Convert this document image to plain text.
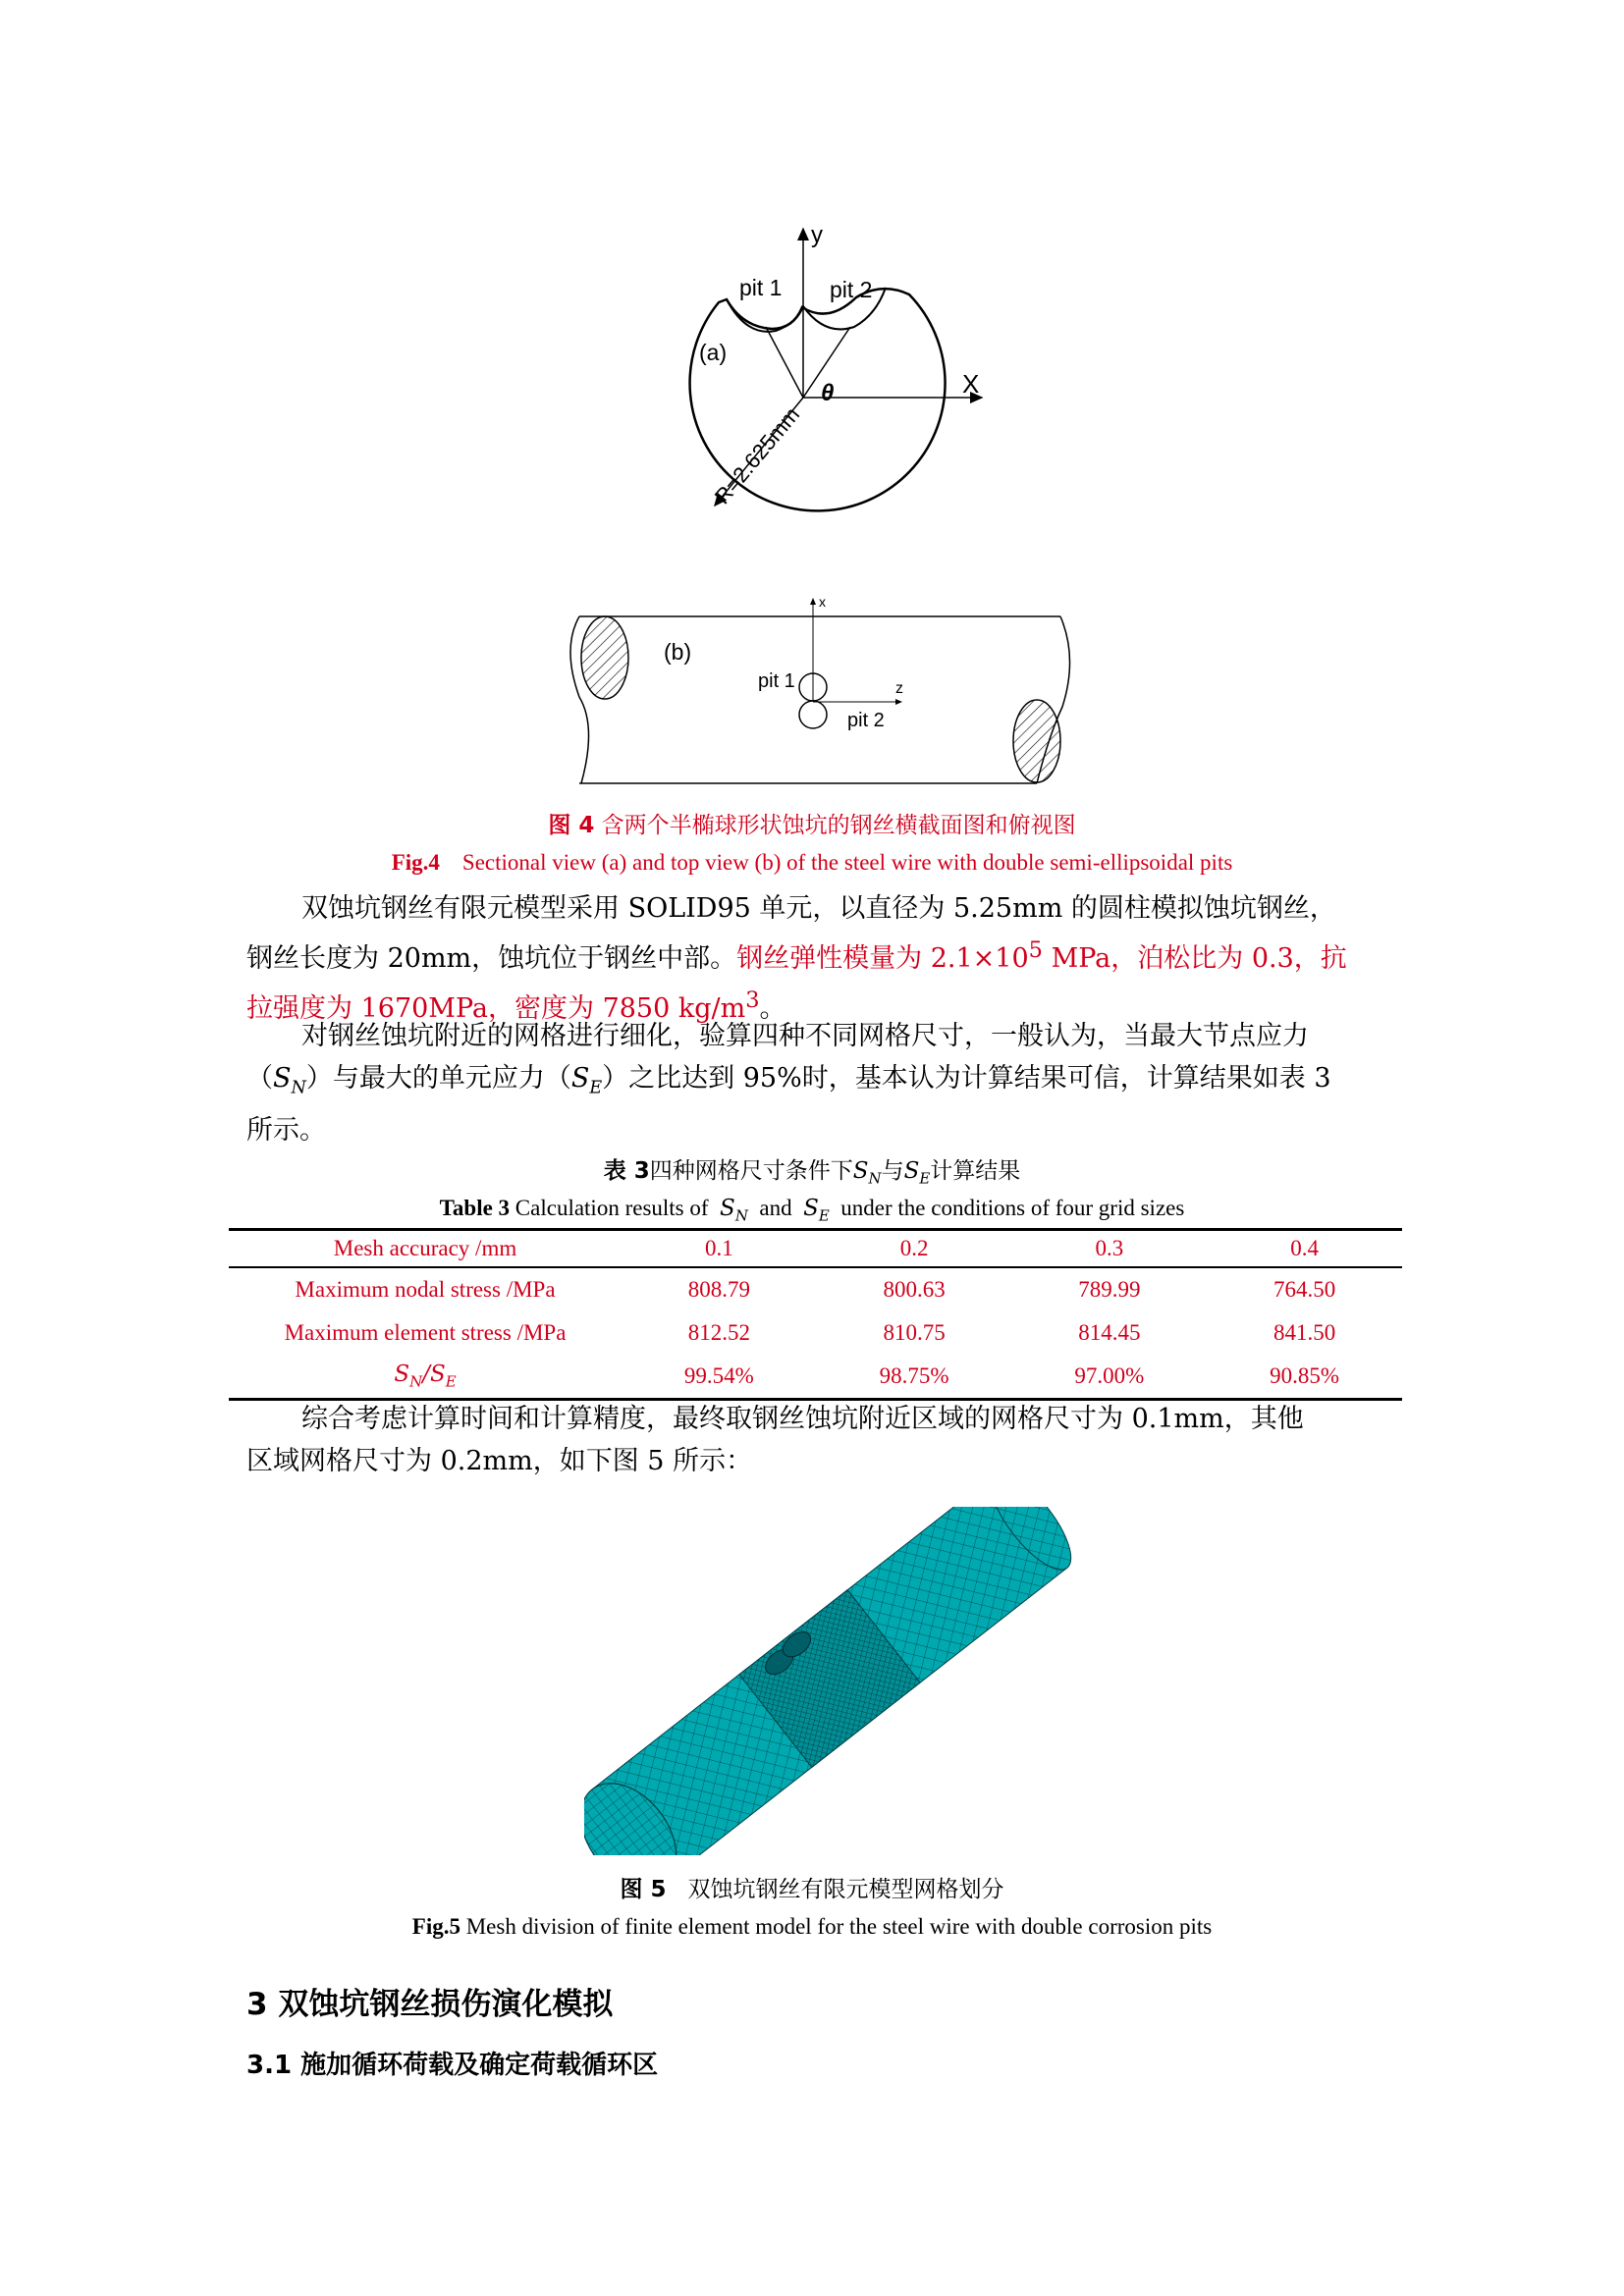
y
X
θ
pit 1 pit 2
(a)
R=2.625mm
x
z
(b)
pit 1
pit 2
图 4 含两个半椭球形状蚀坑的钢丝横截面图和俯视图
Fig.4 Sectional view (a) and top view (b) of the steel wire with double semi-ellipsoidal pits
双蚀坑钢丝有限元模型采用 SOLID95 单元，以直径为 5.25mm 的圆柱模拟蚀坑钢丝，
钢丝长度为 20mm，蚀坑位于钢丝中部。钢丝弹性模量为 $2.1\times 10^5$ MPa，泊松比为 0.3，抗
拉强度为 1670MPa，密度为 7850 $kg/m^3$。
对钢丝蚀坑附近的网格进行细化，验算四种不同网格尺寸，一般认为，当最大节点应力
$(S_N)$与最大的单元应力$(S_E)$之比达到 95%时，基本认为计算结果可信，计算结果如表 3
所示。
表 3四种网格尺寸条件下$S_N$与$S_E$计算结果
Table 3 Calculation results of $S_N$ and $S_E$ under the conditions of four grid sizes
Mesh accuracy /mm	0.1	0.2	0.3	0.4
Maximum nodal stress /MPa	808.79	800.63	789.99	764.50
Maximum element stress /MPa	812.52	810.75	814.45	841.50
$S_N/S_E$	99.54%	98.75%	97.00%	90.85%
综合考虑计算时间和计算精度，最终取钢丝蚀坑附近区域的网格尺寸为 0.1mm，其他
区域网格尺寸为 0.2mm，如下图 5 所示：
图 5 双蚀坑钢丝有限元模型网格划分
Fig.5 Mesh division of finite element model for the steel wire with double corrosion pits
3 双蚀坑钢丝损伤演化模拟
3.1 施加循环荷载及确定荷载循环区
